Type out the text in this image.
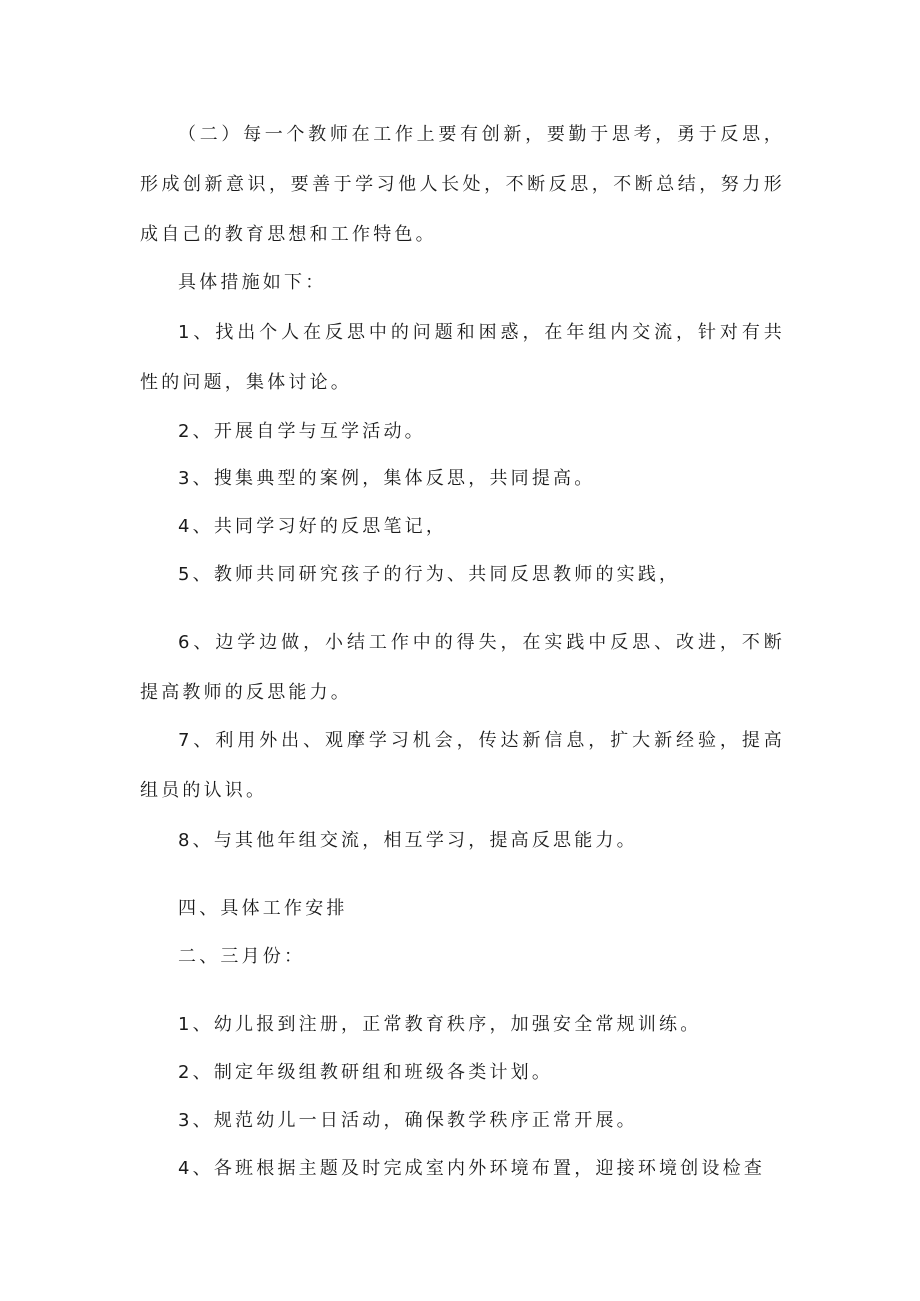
（二）每一个教师在工作上要有创新，要勤于思考，勇于反思，形成创新意识，要善于学习他人长处，不断反思，不断总结，努力形成自己的教育思想和工作特色。

具体措施如下：

1、找出个人在反思中的问题和困惑，在年组内交流，针对有共性的问题，集体讨论。

2、开展自学与互学活动。

3、搜集典型的案例，集体反思，共同提高。

4、共同学习好的反思笔记，

5、教师共同研究孩子的行为、共同反思教师的实践，

6、边学边做，小结工作中的得失，在实践中反思、改进，不断提高教师的反思能力。

7、利用外出、观摩学习机会，传达新信息，扩大新经验，提高组员的认识。

8、与其他年组交流，相互学习，提高反思能力。

四、具体工作安排

二、三月份：

1、幼儿报到注册，正常教育秩序，加强安全常规训练。

2、制定年级组教研组和班级各类计划。

3、规范幼儿一日活动，确保教学秩序正常开展。

4、各班根据主题及时完成室内外环境布置，迎接环境创设检查
